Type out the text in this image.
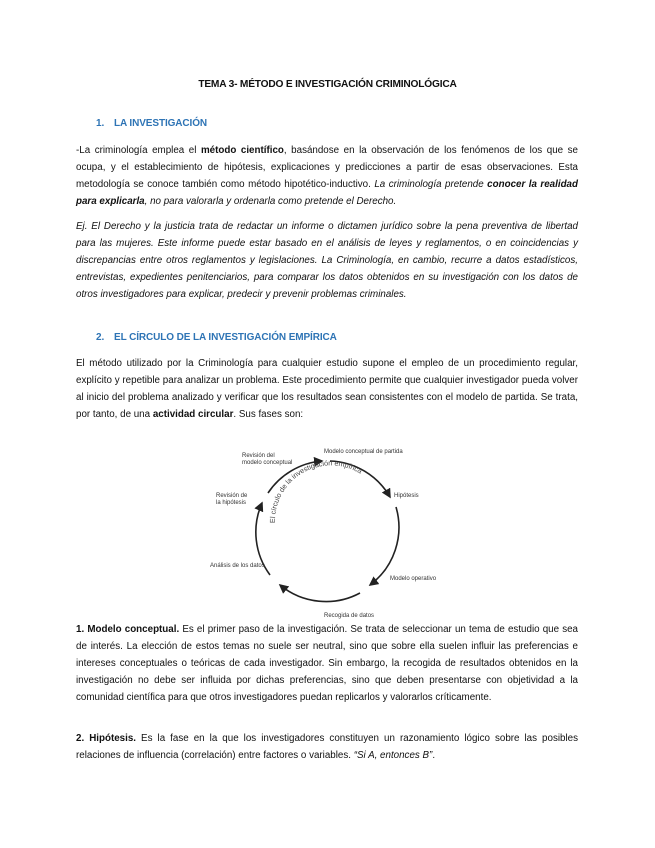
TEMA 3- MÉTODO E INVESTIGACIÓN CRIMINOLÓGICA
1. LA INVESTIGACIÓN
-La criminología emplea el método científico, basándose en la observación de los fenómenos de los que se ocupa, y el establecimiento de hipótesis, explicaciones y predicciones a partir de esas observaciones. Esta metodología se conoce también como método hipotético-inductivo. La criminología pretende conocer la realidad para explicarla, no para valorarla y ordenarla como pretende el Derecho.
Ej. El Derecho y la justicia trata de redactar un informe o dictamen jurídico sobre la pena preventiva de libertad para las mujeres. Este informe puede estar basado en el análisis de leyes y reglamentos, o en coincidencias y discrepancias entre otros reglamentos y legislaciones. La Criminología, en cambio, recurre a datos estadísticos, entrevistas, expedientes penitenciarios, para comparar los datos obtenidos en su investigación con los datos de otros investigadores para explicar, predecir y prevenir problemas criminales.
2. EL CÍRCULO DE LA INVESTIGACIÓN EMPÍRICA
El método utilizado por la Criminología para cualquier estudio supone el empleo de un procedimiento regular, explícito y repetible para analizar un problema. Este procedimiento permite que cualquier investigador pueda volver al inicio del problema analizado y verificar que los resultados sean consistentes con el modelo de partida. Se trata, por tanto, de una actividad circular. Sus fases son:
El círculo de la investigación empírica
Modelo conceptual de partida
Hipótesis
Modelo operativo
Recogida de datos
Análisis de los datos
Revisión de
la hipótesis
Revisión del
modelo conceptual
1. Modelo conceptual. Es el primer paso de la investigación. Se trata de seleccionar un tema de estudio que sea de interés. La elección de estos temas no suele ser neutral, sino que sobre ella suelen influir las preferencias e intereses conceptuales o teóricas de cada investigador. Sin embargo, la recogida de resultados obtenidos en la investigación no debe ser influida por dichas preferencias, sino que deben presentarse con objetividad a la comunidad científica para que otros investigadores puedan replicarlos y valorarlos críticamente.
2. Hipótesis. Es la fase en la que los investigadores constituyen un razonamiento lógico sobre las posibles relaciones de influencia (correlación) entre factores o variables. “Si A, entonces B”.
